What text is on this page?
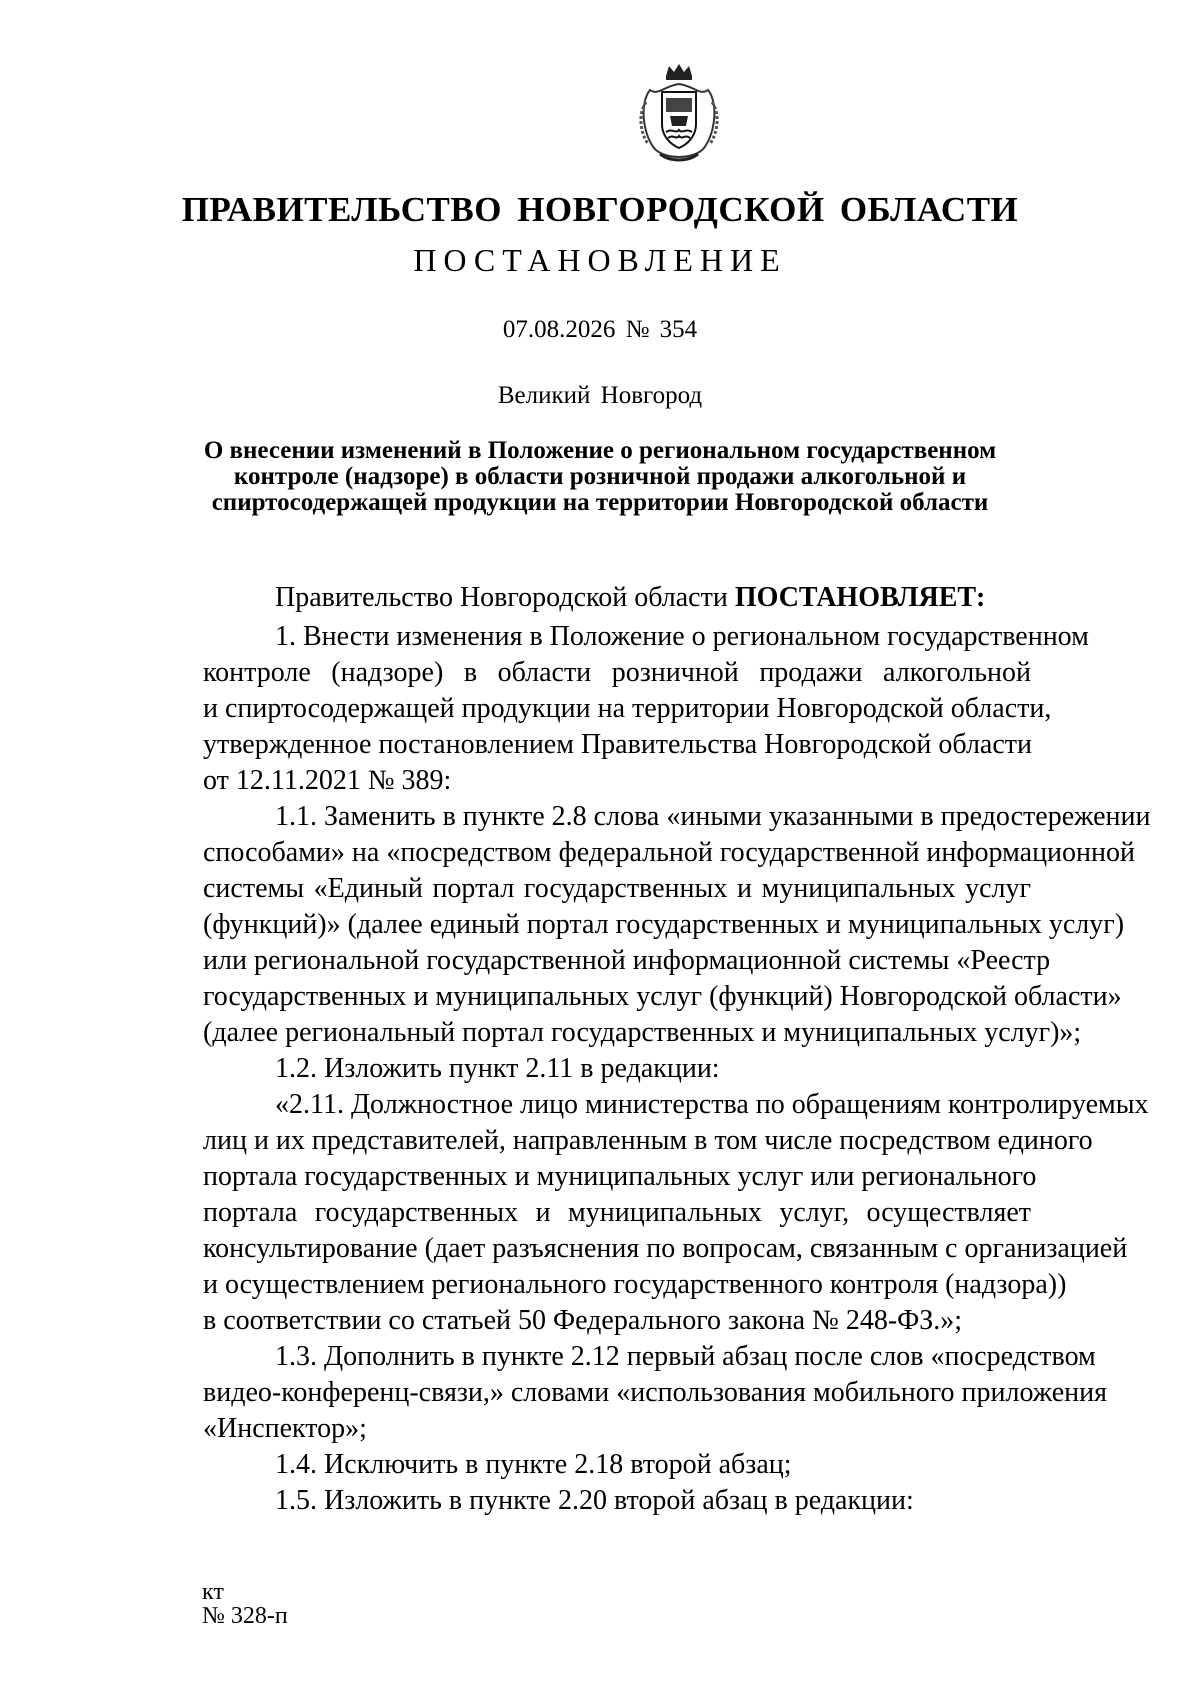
ПРАВИТЕЛЬСТВО НОВГОРОДСКОЙ ОБЛАСТИ
ПОСТАНОВЛЕНИЕ
07.08.2026 № 354
Великий Новгород
О внесении изменений в Положение о региональном государственном
контроле (надзоре) в области розничной продажи алкогольной и
спиртосодержащей продукции на территории Новгородской области
Правительство Новгородской области ПОСТАНОВЛЯЕТ:
1. Внести изменения в Положение о региональном государственном
контроле (надзоре) в области розничной продажи алкогольной
и спиртосодержащей продукции на территории Новгородской области,
утвержденное постановлением Правительства Новгородской области
от 12.11.2021 № 389:
1.1. Заменить в пункте 2.8 слова «иными указанными в предостережении
способами» на «посредством федеральной государственной информационной
системы «Единый портал государственных и муниципальных услуг
(функций)» (далее единый портал государственных и муниципальных услуг)
или региональной государственной информационной системы «Реестр
государственных и муниципальных услуг (функций) Новгородской области»
(далее региональный портал государственных и муниципальных услуг)»;
1.2. Изложить пункт 2.11 в редакции:
«2.11. Должностное лицо министерства по обращениям контролируемых
лиц и их представителей, направленным в том числе посредством единого
портала государственных и муниципальных услуг или регионального
портала государственных и муниципальных услуг, осуществляет
консультирование (дает разъяснения по вопросам, связанным с организацией
и осуществлением регионального государственного контроля (надзора))
в соответствии со статьей 50 Федерального закона № 248-ФЗ.»;
1.3. Дополнить в пункте 2.12 первый абзац после слов «посредством
видео-конференц-связи,» словами «использования мобильного приложения
«Инспектор»;
1.4. Исключить в пункте 2.18 второй абзац;
1.5. Изложить в пункте 2.20 второй абзац в редакции:
кт
№ 328-п
